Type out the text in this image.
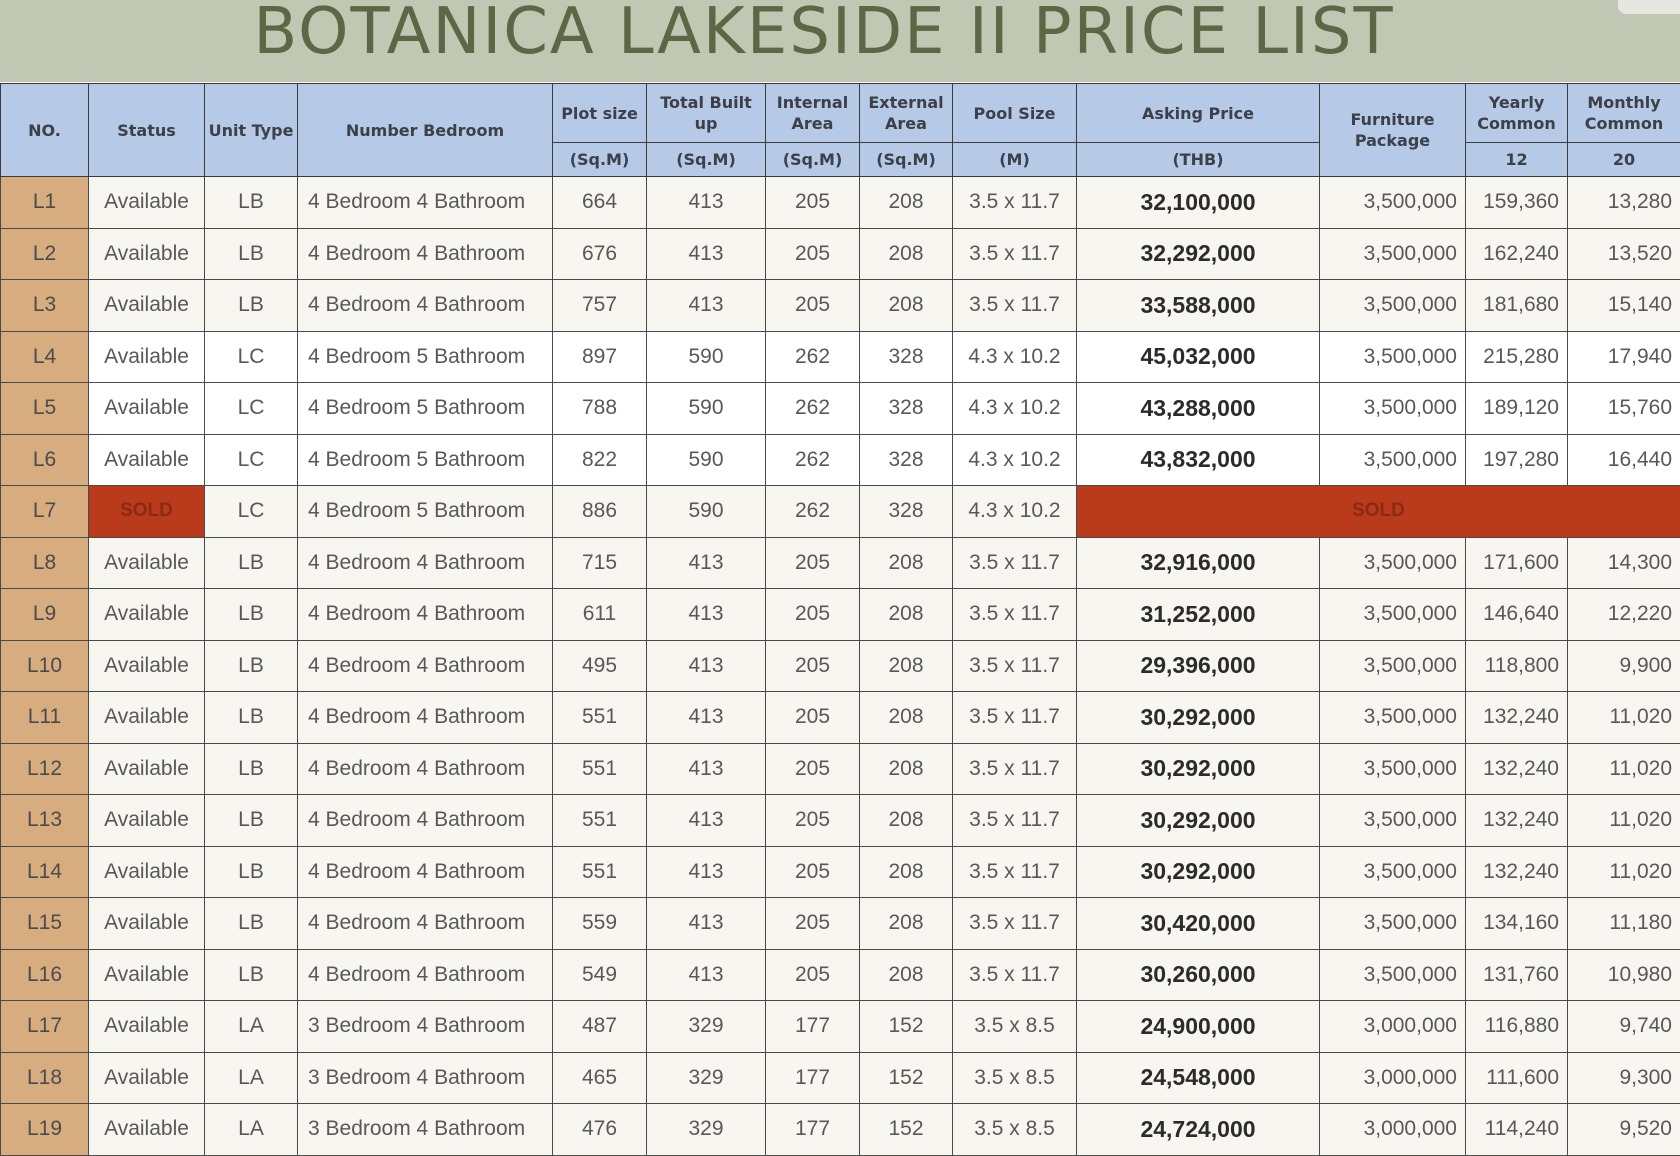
BOTANICA LAKESIDE II PRICE LIST
NO.	Status	Unit Type	Number Bedroom	Plot size	Total Built up	Internal Area	External Area	Pool Size	Asking Price	Furniture Package	Yearly Common	Monthly Common
				(Sq.M)	(Sq.M)	(Sq.M)	(Sq.M)	(M)	(THB)		12	20
L1	Available	LB	4 Bedroom 4 Bathroom	664	413	205	208	3.5 x 11.7	32,100,000	3,500,000	159,360	13,280
L2	Available	LB	4 Bedroom 4 Bathroom	676	413	205	208	3.5 x 11.7	32,292,000	3,500,000	162,240	13,520
L3	Available	LB	4 Bedroom 4 Bathroom	757	413	205	208	3.5 x 11.7	33,588,000	3,500,000	181,680	15,140
L4	Available	LC	4 Bedroom 5 Bathroom	897	590	262	328	4.3 x 10.2	45,032,000	3,500,000	215,280	17,940
L5	Available	LC	4 Bedroom 5 Bathroom	788	590	262	328	4.3 x 10.2	43,288,000	3,500,000	189,120	15,760
L6	Available	LC	4 Bedroom 5 Bathroom	822	590	262	328	4.3 x 10.2	43,832,000	3,500,000	197,280	16,440
L7	SOLD	LC	4 Bedroom 5 Bathroom	886	590	262	328	4.3 x 10.2	SOLD			
L8	Available	LB	4 Bedroom 4 Bathroom	715	413	205	208	3.5 x 11.7	32,916,000	3,500,000	171,600	14,300
L9	Available	LB	4 Bedroom 4 Bathroom	611	413	205	208	3.5 x 11.7	31,252,000	3,500,000	146,640	12,220
L10	Available	LB	4 Bedroom 4 Bathroom	495	413	205	208	3.5 x 11.7	29,396,000	3,500,000	118,800	9,900
L11	Available	LB	4 Bedroom 4 Bathroom	551	413	205	208	3.5 x 11.7	30,292,000	3,500,000	132,240	11,020
L12	Available	LB	4 Bedroom 4 Bathroom	551	413	205	208	3.5 x 11.7	30,292,000	3,500,000	132,240	11,020
L13	Available	LB	4 Bedroom 4 Bathroom	551	413	205	208	3.5 x 11.7	30,292,000	3,500,000	132,240	11,020
L14	Available	LB	4 Bedroom 4 Bathroom	551	413	205	208	3.5 x 11.7	30,292,000	3,500,000	132,240	11,020
L15	Available	LB	4 Bedroom 4 Bathroom	559	413	205	208	3.5 x 11.7	30,420,000	3,500,000	134,160	11,180
L16	Available	LB	4 Bedroom 4 Bathroom	549	413	205	208	3.5 x 11.7	30,260,000	3,500,000	131,760	10,980
L17	Available	LA	3 Bedroom 4 Bathroom	487	329	177	152	3.5 x 8.5	24,900,000	3,000,000	116,880	9,740
L18	Available	LA	3 Bedroom 4 Bathroom	465	329	177	152	3.5 x 8.5	24,548,000	3,000,000	111,600	9,300
L19	Available	LA	3 Bedroom 4 Bathroom	476	329	177	152	3.5 x 8.5	24,724,000	3,000,000	114,240	9,520
